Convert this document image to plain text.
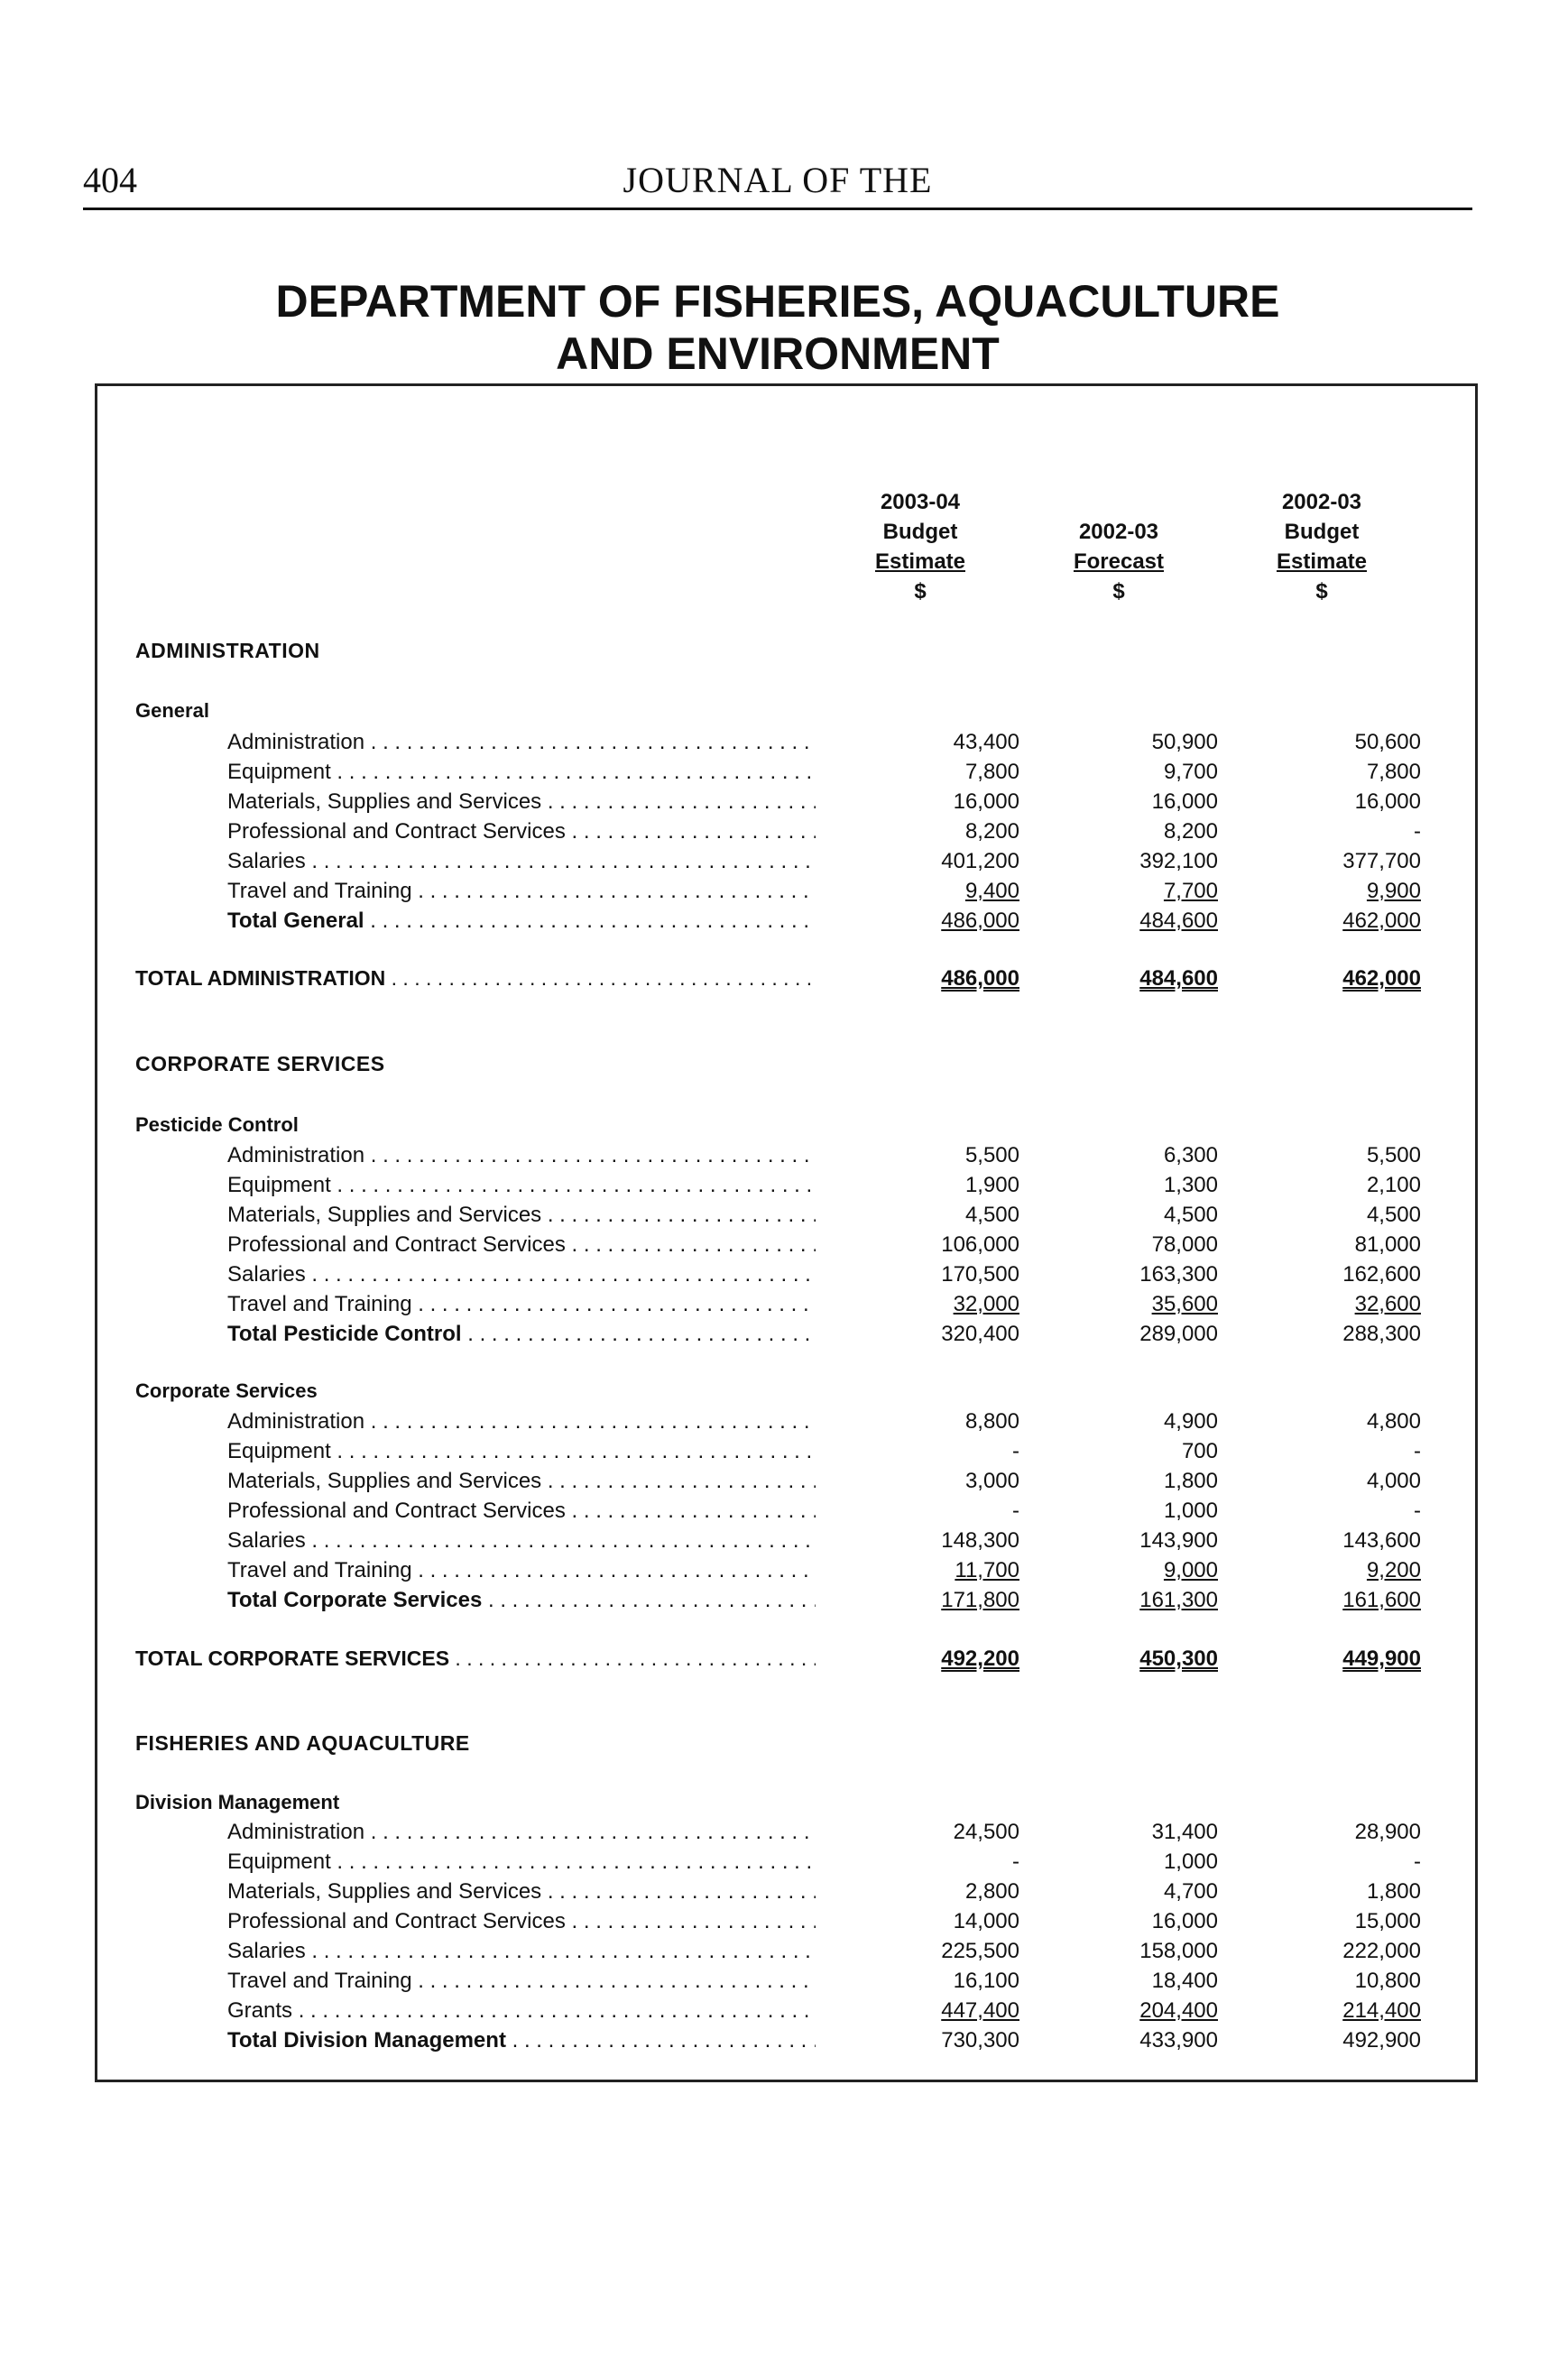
404	JOURNAL OF THE
DEPARTMENT OF FISHERIES, AQUACULTURE
AND ENVIRONMENT
2003-04
Budget
Estimate
$

2002-03
Forecast
$
2002-03
Budget
Estimate
$
ADMINISTRATION
General
Administration . . .	43,400	50,900	50,600
Equipment . . .	7,800	9,700	7,800
Materials, Supplies and Services . . .	16,000	16,000	16,000
Professional and Contract Services . . .	8,200	8,200	-
Salaries . . .	401,200	392,100	377,700
Travel and Training . . .	9,400	7,700	9,900
Total General . . .	486,000	484,600	462,000
TOTAL ADMINISTRATION . . .	486,000	484,600	462,000
CORPORATE SERVICES
Pesticide Control
Administration . . .	5,500	6,300	5,500
Equipment . . .	1,900	1,300	2,100
Materials, Supplies and Services . . .	4,500	4,500	4,500
Professional and Contract Services . . .	106,000	78,000	81,000
Salaries . . .	170,500	163,300	162,600
Travel and Training . . .	32,000	35,600	32,600
Total Pesticide Control . . .	320,400	289,000	288,300
Corporate Services
Administration . . .	8,800	4,900	4,800
Equipment . . .	-	700	-
Materials, Supplies and Services . . .	3,000	1,800	4,000
Professional and Contract Services . . .	-	1,000	-
Salaries . . .	148,300	143,900	143,600
Travel and Training . . .	11,700	9,000	9,200
Total Corporate Services . . .	171,800	161,300	161,600
TOTAL CORPORATE SERVICES . . .	492,200	450,300	449,900
FISHERIES AND AQUACULTURE
Division Management
Administration . . .	24,500	31,400	28,900
Equipment . . .	-	1,000	-
Materials, Supplies and Services . . .	2,800	4,700	1,800
Professional and Contract Services . . .	14,000	16,000	15,000
Salaries . . .	225,500	158,000	222,000
Travel and Training . . .	16,100	18,400	10,800
Grants . . .	447,400	204,400	214,400
Total Division Management . . .	730,300	433,900	492,900
